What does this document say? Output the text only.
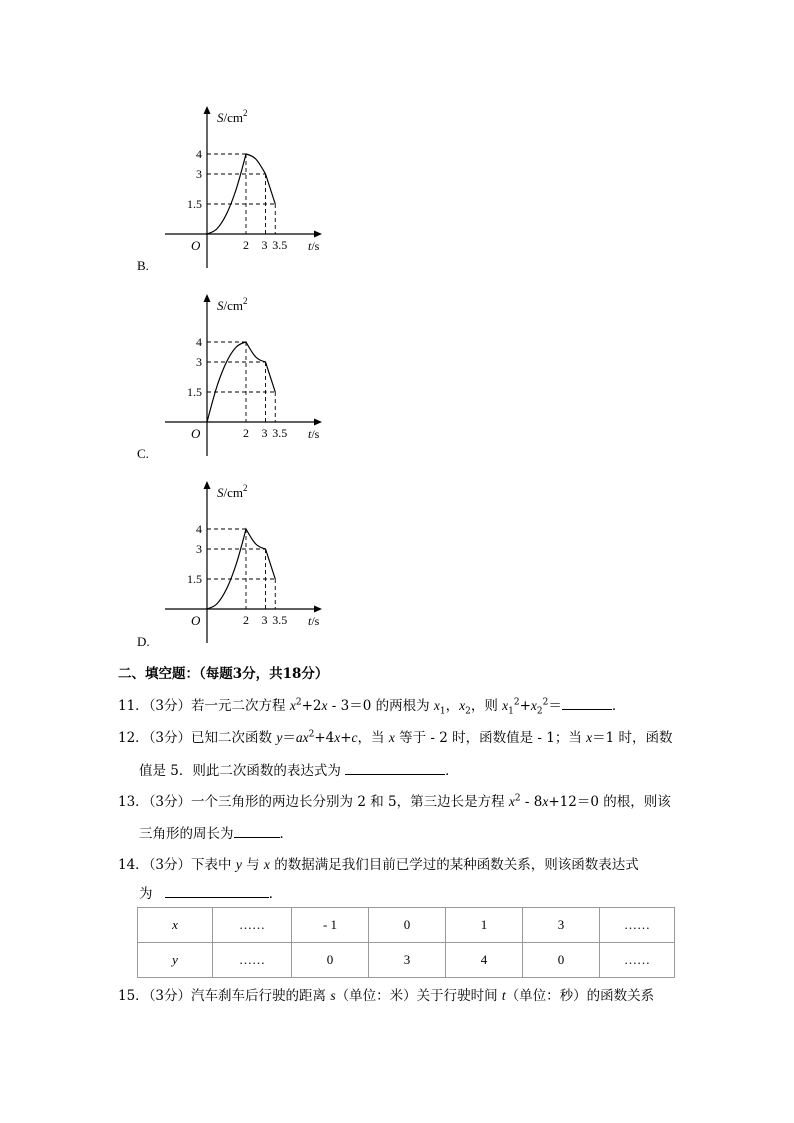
$S/cm^2$
t/s
O
4
3
1.5
2 3 3.5
B.
$S/cm^2$
t/s
O
4
3
1.5
2 3 3.5
C.
$S/cm^2$
t/s
O
4
3
1.5
2 3 3.5
D.
二、填空题：（每题3分，共18分）
11．（3分）若一元二次方程 $x^2+2x - 3=0$ 的两根为 $x_1$，$x_2$，则 $x_1^2+x_2^2=$	．
12．（3分）已知二次函数 $y=ax^2+4x+c$，当 x 等于 - 2 时，函数值是 - 1；当 x＝1 时，函数
值是 5．则此二次函数的表达式为	．
13．（3分）一个三角形的两边长分别为 2 和 5，第三边长是方程 $x^2 - 8x+12=0$ 的根，则该
三角形的周长为	．
14．（3分）下表中 y 与 x 的数据满足我们目前已学过的某种函数关系，则该函数表达式
为	．
x	……	- 1	0	1	3	……
y	……	0	3	4	0	……
15．（3分）汽车刹车后行驶的距离 s（单位：米）关于行驶时间 t（单位：秒）的函数关系
